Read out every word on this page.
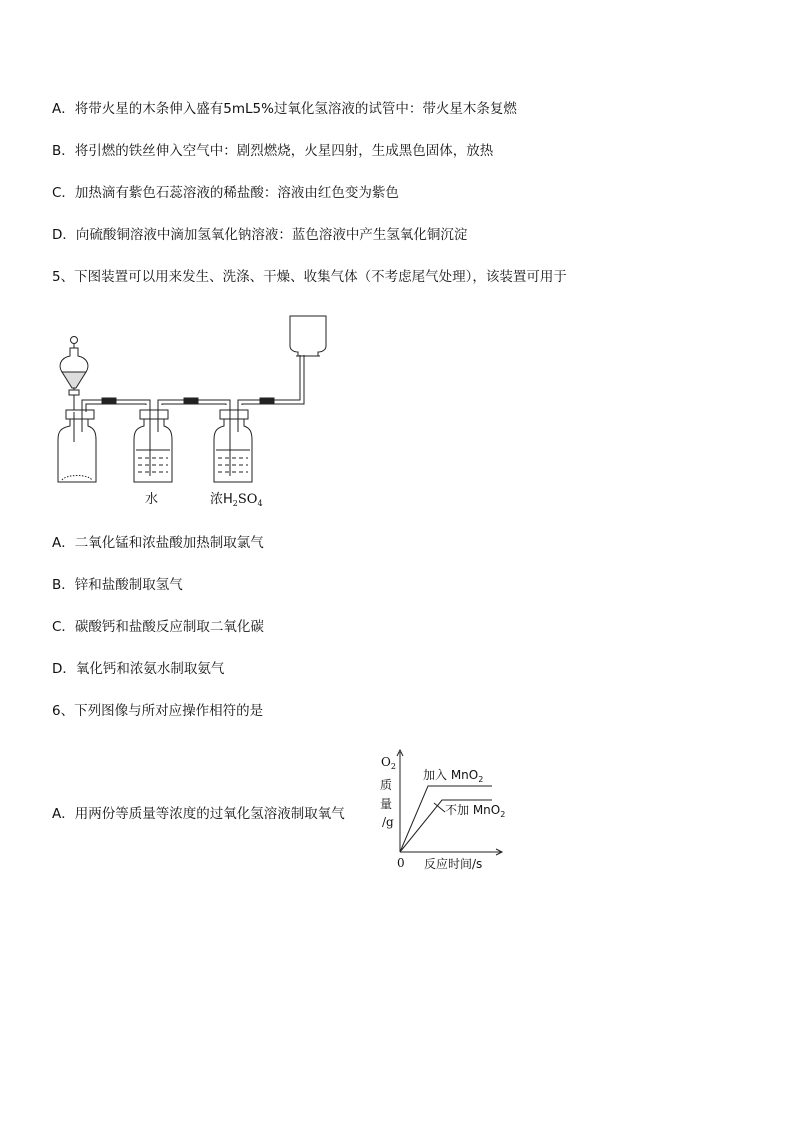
A．将带火星的木条伸入盛有5mL5%过氧化氢溶液的试管中：带火星木条复燃
B．将引燃的铁丝伸入空气中：剧烈燃烧，火星四射，生成黑色固体，放热
C．加热滴有紫色石蕊溶液的稀盐酸：溶液由红色变为紫色
D．向硫酸铜溶液中滴加氢氧化钠溶液：蓝色溶液中产生氢氧化铜沉淀
5、下图装置可以用来发生、洗涤、干燥、收集气体（不考虑尾气处理），该装置可用于
水	浓$H_2SO_4$
A．二氧化锰和浓盐酸加热制取氯气
B．锌和盐酸制取氢气
C．碳酸钙和盐酸反应制取二氧化碳
D．氧化钙和浓氨水制取氨气
6、下列图像与所对应操作相符的是
A．用两份等质量等浓度的过氧化氢溶液制取氧气
$O_2$
质
量
/g
0 反应时间/s
加入 MnO$_2$
不加 MnO$_2$
